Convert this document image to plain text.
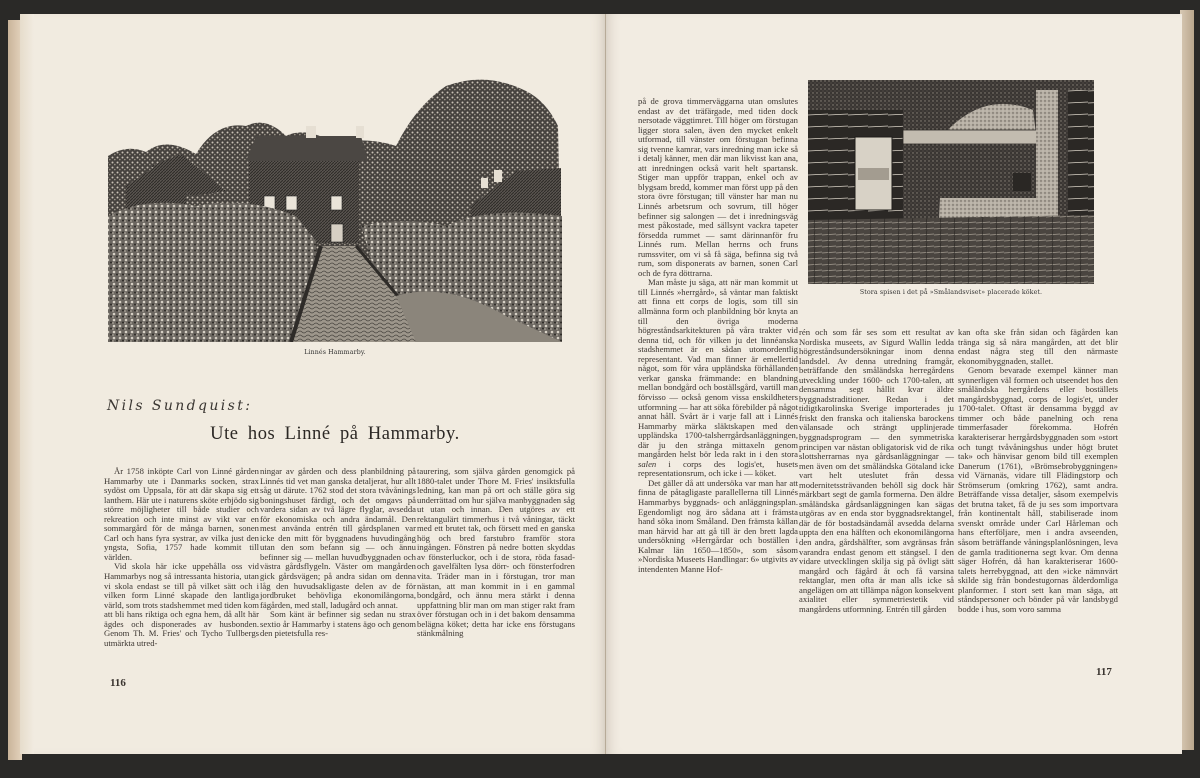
Linnés Hammarby.
Nils Sundquist:
Ute hos Linné på Hammarby.

År 1758 inköpte Carl von Linné gården Hammarby ute i Danmarks socken, strax sydöst om Uppsala, för att där skapa sig ett lanthem. Här ute i naturens sköte erbjödo sig större möjligheter till både studier och rekreation och inte minst av vikt var en sommargård för de många barnen, sonen Carl och hans fyra systrar, av vilka just den yngsta, Sofia, 1757 hade kommit till världen.

Vid skola här icke uppehålla oss vid Hammarbys nog så intressanta historia, utan vi skola endast se till på vilket sätt och i vilken form Linné skapade den lantliga värld, som trots stadshemmet med tiden kom att bli hans riktiga och egna hem, då allt här ägdes och disponerades av husbonden. Genom Th. M. Fries' och Tycho Tullbergs utmärkta utred-

ningar av gården och dess planbildning på Linnés tid vet man ganska detaljerat, hur allt såg ut därute. 1762 stod det stora tvåvånings boningshuset färdigt, och det omgavs på vardera sidan av två lägre flyglar, avsedda för ekonomiska och andra ändamål. Den mest använda entrén till gårdsplanen var icke den mitt för byggnadens huvudingång utan den som befann sig — och ännu befinner sig — mellan huvudbyggnaden och västra gårdsflygeln. Väster om mangården gick gårdsvägen; på andra sidan om denna låg den huvudsakligaste delen av de för jordbruket behövliga ekonomilängorna, fägården, med stall, ladugård och annat.

Som känt är befinner sig sedan nu strax sextio år Hammarby i statens ägo och genom den pietetsfulla res-

taurering, som själva gården genomgick på 1880-talet under Thore M. Fries' insiktsfulla ledning, kan man på ort och ställe göra sig underrättad om hur själva manbyggnaden såg ut utan och innan. Den utgöres av ett rektangulärt timmerhus i två våningar, täckt med ett brutet tak, och försett med en ganska hög och bred farstubro framför stora ingången. Fönstren på nedre botten skyddas av fönsterluckor, och i de stora, röda fasad- och gavelfälten lysa dörr- och fönsterfodren vita. Träder man in i förstugan, tror man nästan, att man kommit in i en gammal bondgård, och ännu mera stärkt i denna uppfattning blir man om man stiger rakt fram över förstugan och in i det bakom densamma belägna köket; detta har icke ens förstugans stänkmålning

116

på de grova timmerväggarna utan omslutes endast av det träfärgade, med tiden dock nersotade väggtimret. Till höger om förstugan ligger stora salen, även den mycket enkelt utformad, till vänster om förstugan befinna sig tvenne kamrar, vars inredning man icke så i detalj känner, men där man likvisst kan ana, att inredningen också varit helt spartansk. Stiger man uppför trappan, enkel och av blygsam bredd, kommer man först upp på den stora övre förstugan; till vänster har man nu Linnés arbetsrum och sovrum, till höger befinner sig salongen — det i inredningsväg mest påkostade, med sällsynt vackra tapeter försedda rummet — samt därinnanför fru Linnés rum. Mellan herrns och fruns rumssviter, om vi så få säga, befinna sig två rum, som disponerats av barnen, sonen Carl och de fyra döttrarna.

Man måste ju säga, att när man kommit ut till Linnés »herrgård», så väntar man faktiskt att finna ett corps de logis, som till sin allmänna form och planbildning bör knyta an till den övriga moderna högreståndsarkitekturen på våra trakter vid denna tid, och för vilken ju det linnéanska stadshemmet är en sådan utomordentlig representant. Vad man finner är emellertid något, som för våra uppländska förhållanden verkar ganska främmande: en blandning mellan bondgård och boställsgård, vartill man förvisso — också genom vissa enskildheters utformning — har att söka förebilder på något annat håll. Svårt är i varje fall att i Linnés Hammarby märka släktskapen med den uppländska 1700-talsherrgårdsanläggningen, där ju den stränga mittaxeln genom mangården helst bör leda rakt in i den stora salen i corps des logis'et, husets representationsrum, och icke i — köket.

Det gäller då att undersöka var man har att finna de påtagligaste parallellerna till Linnés Hammarbys byggnads- och anläggningsplan. Egendomligt nog äro sådana att i främsta hand söka inom Småland. Den främsta källan man härvid har att gå till är den brett lagda undersökning »Herrgårdar och boställen i Kalmar län 1650—1850», som såsom »Nordiska Museets Handlingar: 6» utgivits av intendenten Manne Hof-

Stora spisen i det på »Smålandsviset» placerade köket.

rén och som får ses som ett resultat av Nordiska museets, av Sigurd Wallin ledda högreståndsundersökningar inom denna landsdel. Av denna utredning framgår, beträffande den småländska herregårdens utveckling under 1600- och 1700-talen, att densamma segt hållit kvar äldre byggnadstraditioner. Redan i det tidigtkarolinska Sverige importerades ju friskt den franska och italienska barockens välansade och strängt upplinjerade byggnadsprogram — den symmetriska principen var nästan obligatorisk vid de rika slottsherrarnas nya gårdsanläggningar — men även om det småländska Götaland icke vart helt uteslutet från dessa modernitetssträvanden behöll sig dock här märkbart segt de gamla formerna. Den äldre småländska gårdsanläggningen kan sägas utgöras av en enda stor byggnadsrektangel, där de för bostadsändamål avsedda delarna uppta den ena hälften och ekonomilängorna den andra, gårdshälfter, som avgränsas från varandra endast genom ett stängsel. I den vidare utvecklingen skilja sig på övligt sätt mangård och fägård åt och få varsina rektanglar, men ofta är man alls icke så angelägen om att tillämpa någon konsekvent axialitet eller symmetriestetik vid mangårdens utformning. Entrén till gården

kan ofta ske från sidan och fägården kan tränga sig så nära mangården, att det blir endast några steg till den närmaste ekonomibyggnaden, stallet.

Genom bevarade exempel känner man synnerligen väl formen och utseendet hos den småländska herrgårdens eller boställets mangårdsbyggnad, corps de logis'et, under 1700-talet. Oftast är densamma byggd av timmer och både panelning och rena timmerfasader förekomma. Hofrén karakteriserar herrgårdsbyggnaden som »stort och tungt tvåvåningshus under högt brutet tak» och hänvisar genom bild till exemplen Danerum (1761), »Brömsebrobyggningen» vid Värnanäs, vidare till Flädingstorp och Strömserum (omkring 1762), samt andra. Beträffande vissa detaljer, såsom exempelvis det brutna taket, få de ju ses som importvara från kontinentalt håll, stabiliserade inom svenskt område under Carl Hårleman och hans efterföljare, men i andra avseenden, såsom beträffande våningsplanlösningen, leva de gamla traditionerna segt kvar. Om denna säger Hofrén, då han karakteriserar 1600-talets herrebyggnad, att den »icke nämnvärt skilde sig från bondestugornas ålderdomliga planformer. I stort sett kan man säga, att ståndspersoner och bönder på vår landsbygd bodde i hus, som voro samma

117
